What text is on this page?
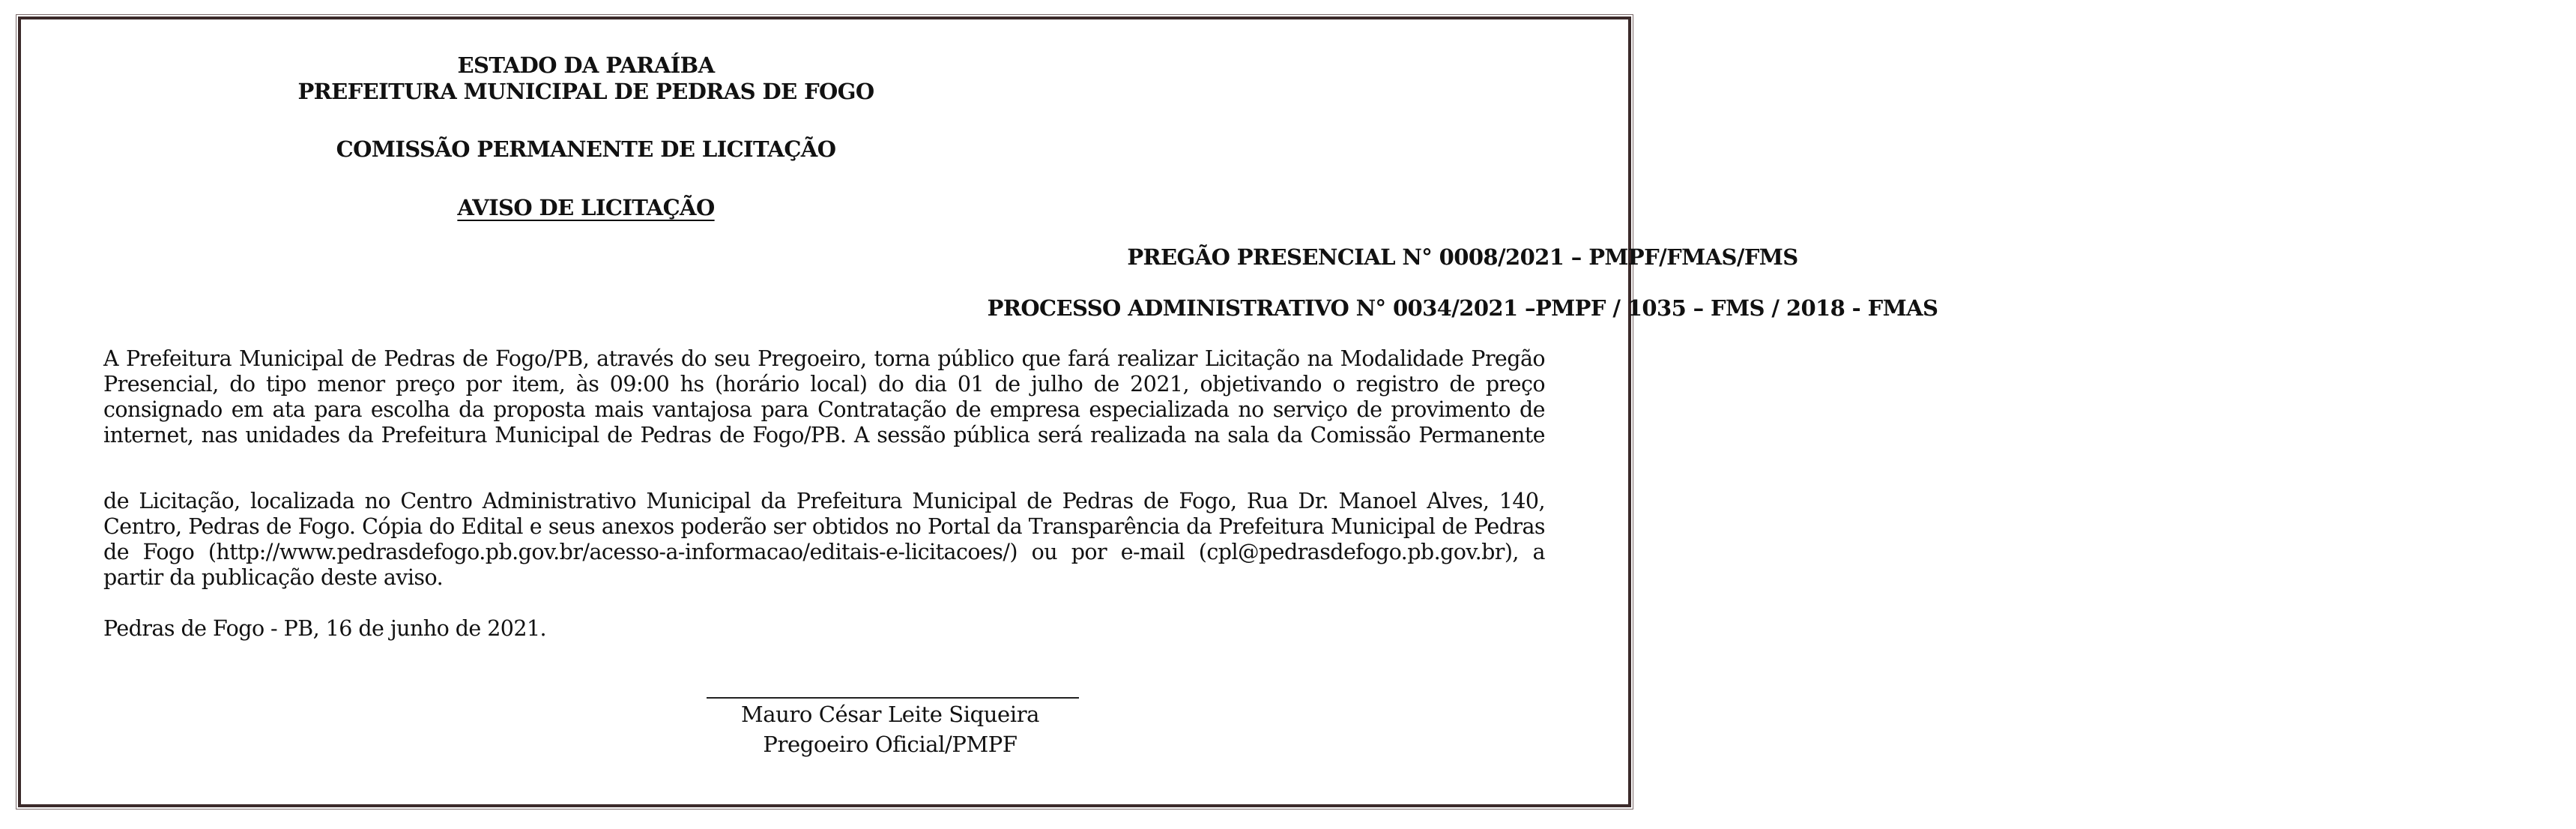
ESTADO DA PARAÍBA
PREFEITURA MUNICIPAL DE PEDRAS DE FOGO
COMISSÃO PERMANENTE DE LICITAÇÃO
AVISO DE LICITAÇÃO
PREGÃO PRESENCIAL N° 0008/2021 – PMPF/FMAS/FMS
PROCESSO ADMINISTRATIVO N° 0034/2021 –PMPF / 1035 – FMS / 2018 - FMAS
A Prefeitura Municipal de Pedras de Fogo/PB, através do seu Pregoeiro, torna público que fará realizar Licitação na Modalidade Pregão Presencial, do tipo menor preço por item, às 09:00 hs (horário local) do dia 01 de julho de 2021, objetivando o registro de preço consignado em ata para escolha da proposta mais vantajosa para Contratação de empresa especializada no serviço de provimento de internet, nas unidades da Prefeitura Municipal de Pedras de Fogo/PB. A sessão pública será realizada na sala da Comissão Permanente
de Licitação, localizada no Centro Administrativo Municipal da Prefeitura Municipal de Pedras de Fogo, Rua Dr. Manoel Alves, 140, Centro, Pedras de Fogo. Cópia do Edital e seus anexos poderão ser obtidos no Portal da Transparência da Prefeitura Municipal de Pedras de Fogo (http://www.pedrasdefogo.pb.gov.br/acesso-a-informacao/editais-e-licitacoes/) ou por e-mail (cpl@pedrasdefogo.pb.gov.br), a partir da publicação deste aviso.
Pedras de Fogo - PB, 16 de junho de 2021.
Mauro César Leite Siqueira
Pregoeiro Oficial/PMPF
